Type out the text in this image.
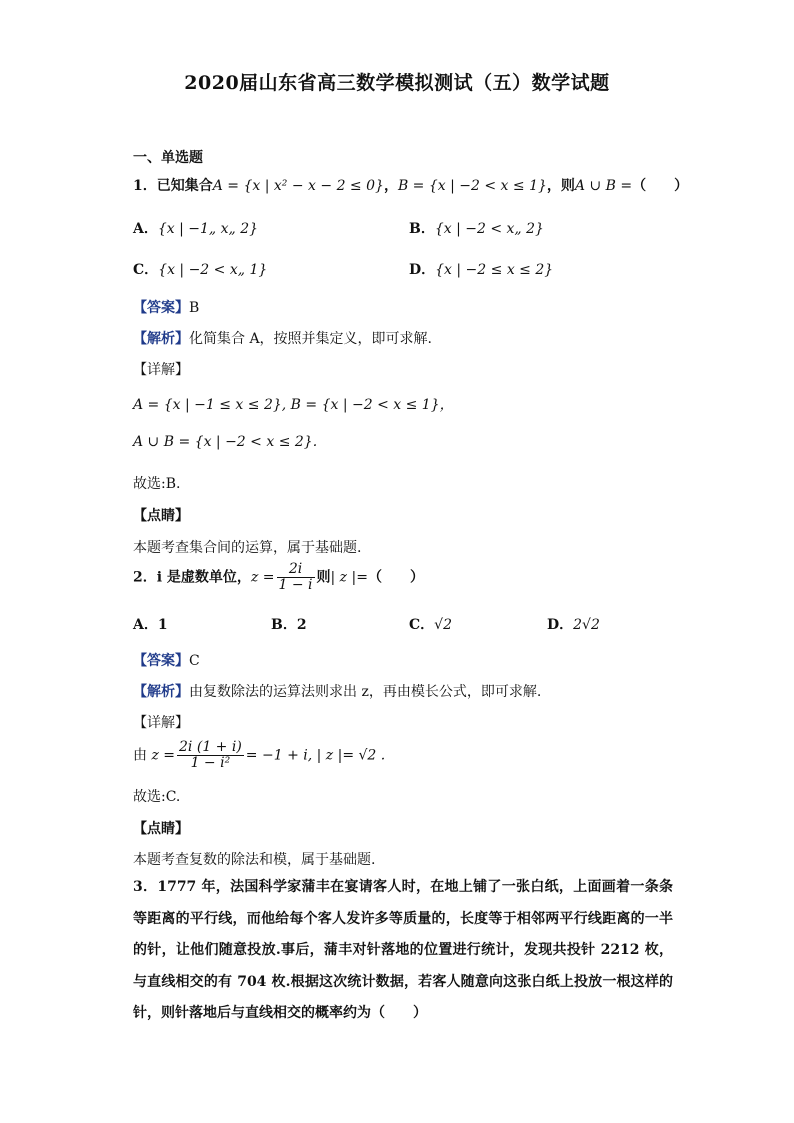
2020届山东省高三数学模拟测试（五）数学试题
一、单选题
1．已知集合A = {x | x² − x − 2 ≤ 0}，B = {x | −2 < x ≤ 1}，则A ∪ B =（　　）
A．{x | −1„ x„ 2}	B．{x | −2 < x„ 2}
C．{x | −2 < x„ 1}	D．{x | −2 ≤ x ≤ 2}
【答案】B
【解析】化简集合 A，按照并集定义，即可求解.
【详解】
A = {x | −1 ≤ x ≤ 2}, B = {x | −2 < x ≤ 1}，
A ∪ B = {x | −2 < x ≤ 2}.
故选:B.
【点睛】
本题考查集合间的运算，属于基础题.
2．i 是虚数单位，$z = \frac{2i}{1 - i}$ 则| z |=（　　）
A．1	B．2	C．√2	D．2√2
【答案】C
【解析】由复数除法的运算法则求出 z，再由模长公式，即可求解.
【详解】
由 $z = \frac{2i (1 + i)}{\text{1 − i²}} = -1 + i$, | z |= √2 .
故选:C.
【点睛】
本题考查复数的除法和模，属于基础题.
3．1777 年，法国科学家蒲丰在宴请客人时，在地上铺了一张白纸，上面画着一条条等距离的平行线，而他给每个客人发许多等质量的，长度等于相邻两平行线距离的一半的针，让他们随意投放.事后，蒲丰对针落地的位置进行统计，发现共投针 2212 枚，与直线相交的有 704 枚.根据这次统计数据，若客人随意向这张白纸上投放一根这样的针，则针落地后与直线相交的概率约为（　　）
